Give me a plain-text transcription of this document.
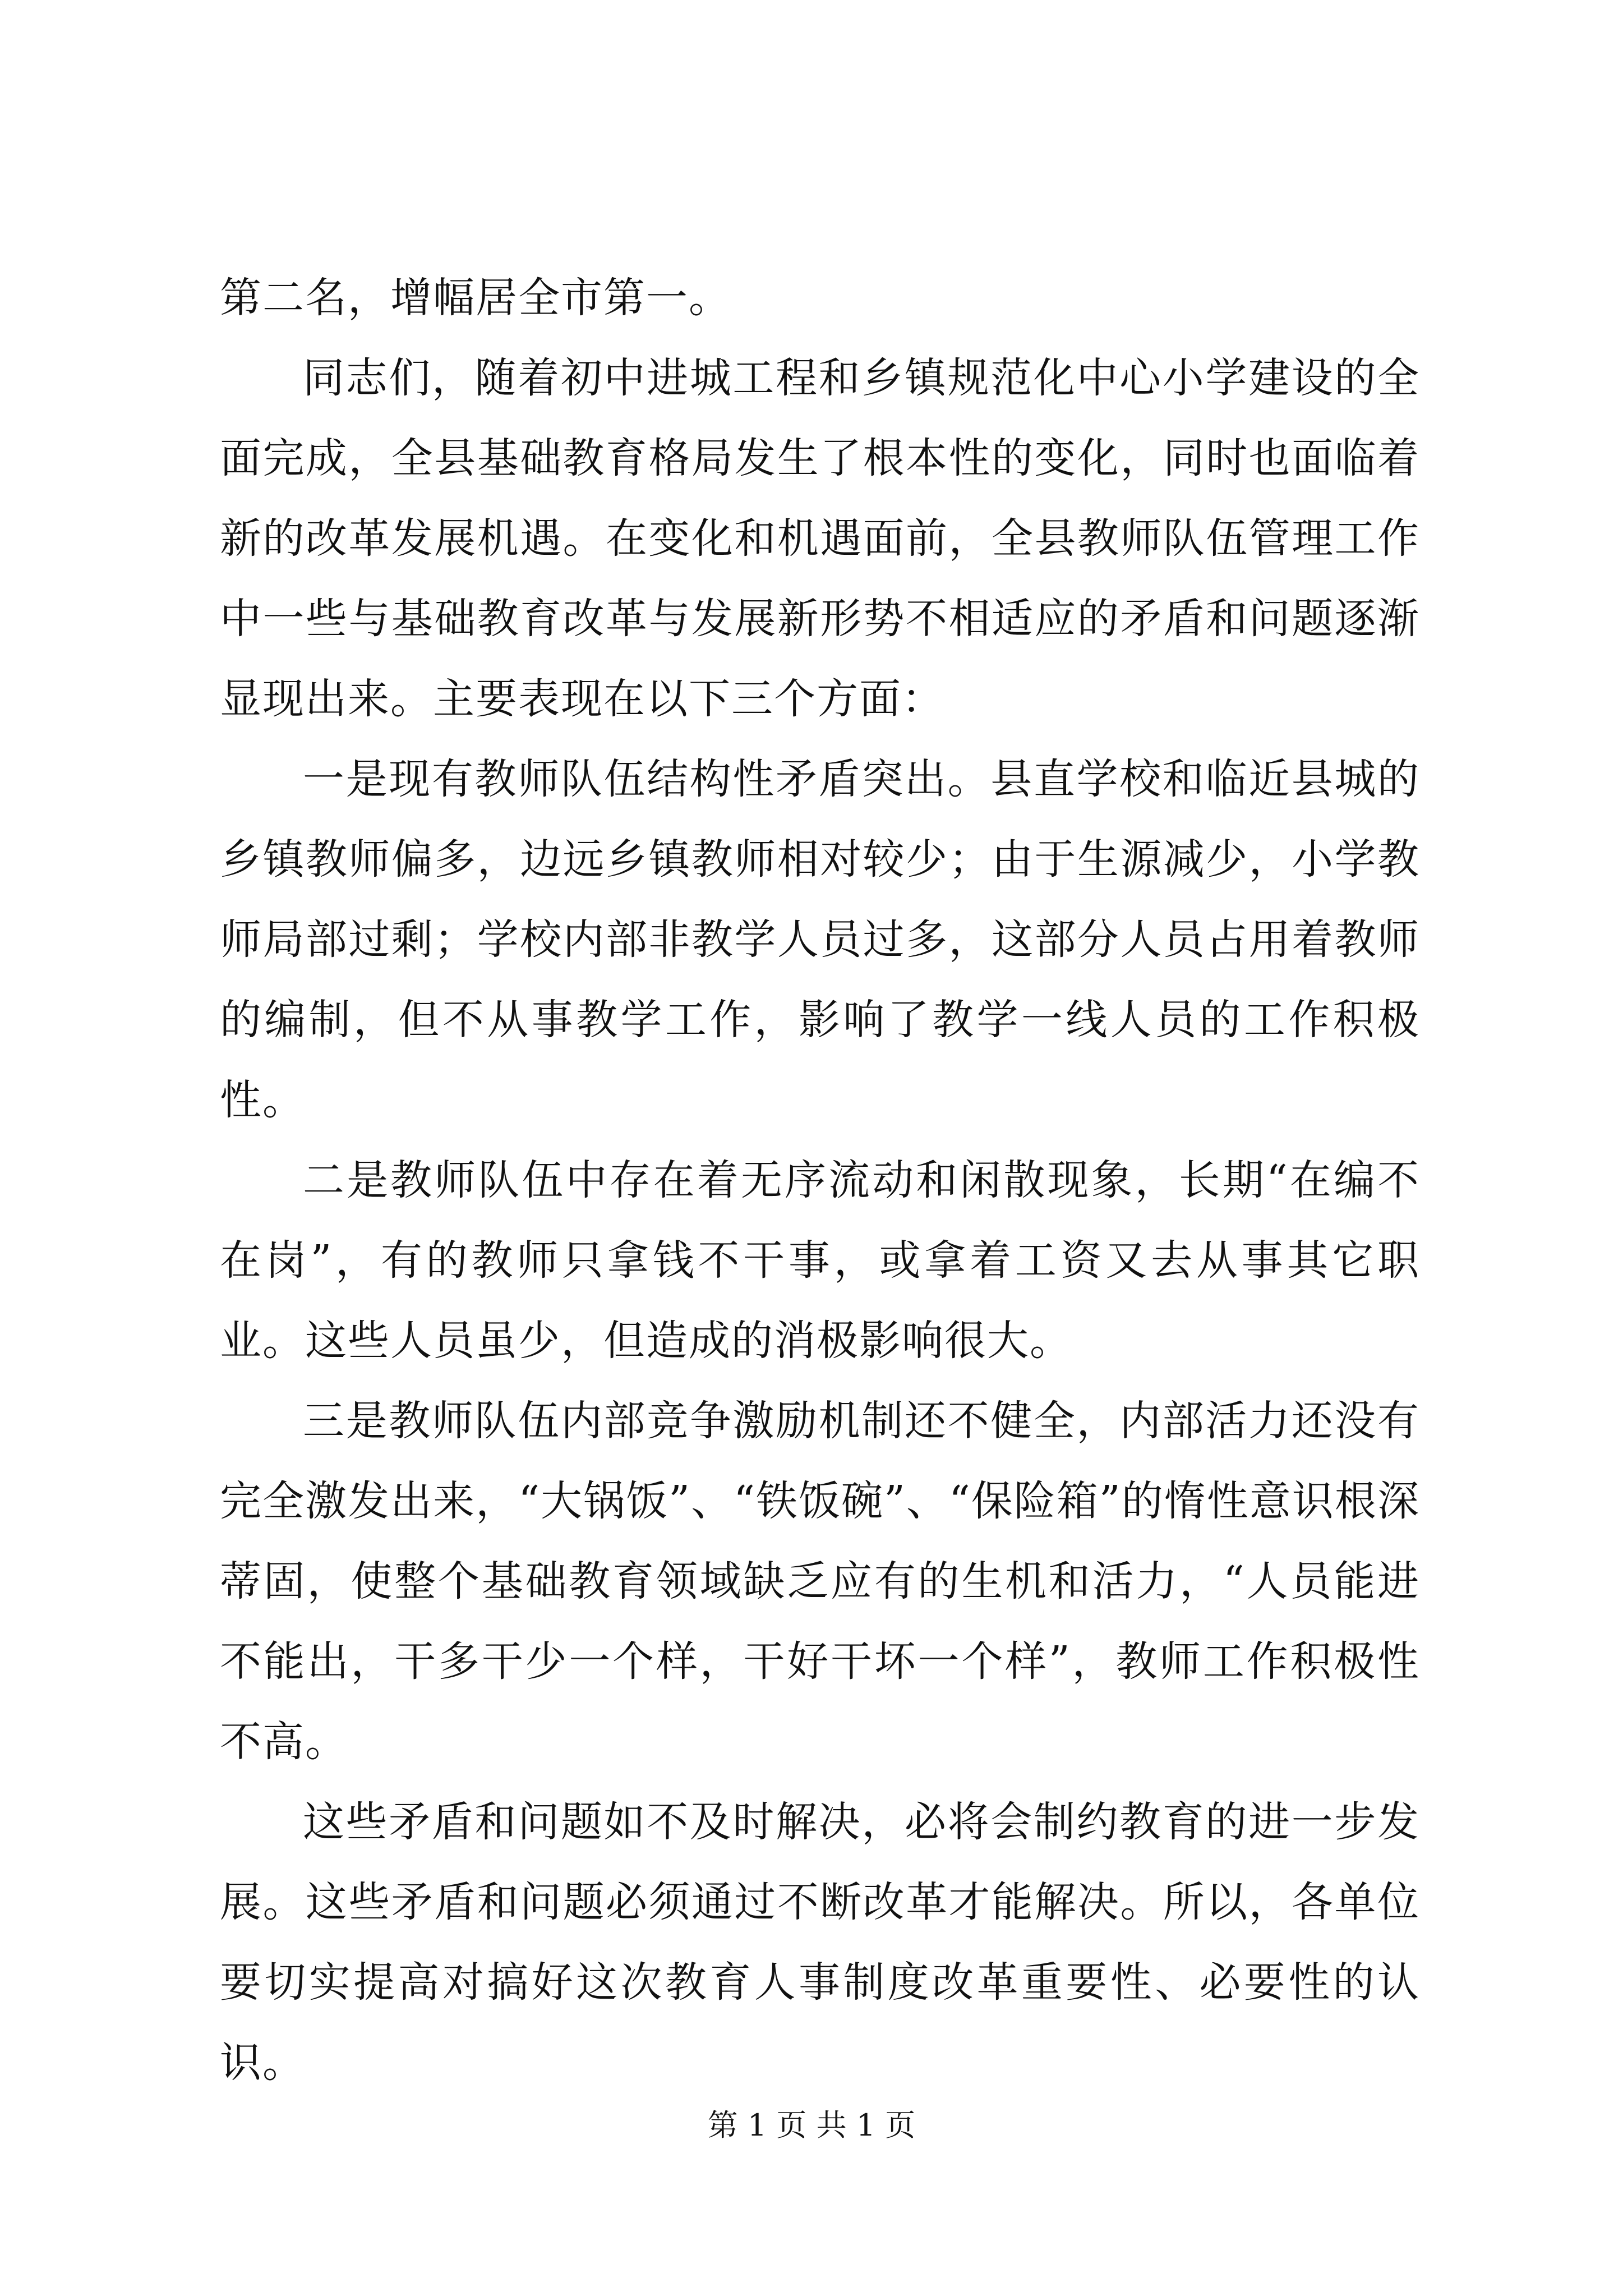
第二名，增幅居全市第一。

同志们，随着初中进城工程和乡镇规范化中心小学建设的全面完成，全县基础教育格局发生了根本性的变化，同时也面临着新的改革发展机遇。在变化和机遇面前，全县教师队伍管理工作中一些与基础教育改革与发展新形势不相适应的矛盾和问题逐渐显现出来。主要表现在以下三个方面：

一是现有教师队伍结构性矛盾突出。县直学校和临近县城的乡镇教师偏多，边远乡镇教师相对较少；由于生源减少，小学教师局部过剩；学校内部非教学人员过多，这部分人员占用着教师的编制，但不从事教学工作，影响了教学一线人员的工作积极性。

二是教师队伍中存在着无序流动和闲散现象，长期“在编不在岗”，有的教师只拿钱不干事，或拿着工资又去从事其它职业。这些人员虽少，但造成的消极影响很大。

三是教师队伍内部竞争激励机制还不健全，内部活力还没有完全激发出来，“大锅饭”、“铁饭碗”、“保险箱”的惰性意识根深蒂固，使整个基础教育领域缺乏应有的生机和活力，“人员能进不能出，干多干少一个样，干好干坏一个样”，教师工作积极性不高。

这些矛盾和问题如不及时解决，必将会制约教育的进一步发展。这些矛盾和问题必须通过不断改革才能解决。所以，各单位要切实提高对搞好这次教育人事制度改革重要性、必要性的认识。

第 1 页 共 1 页
